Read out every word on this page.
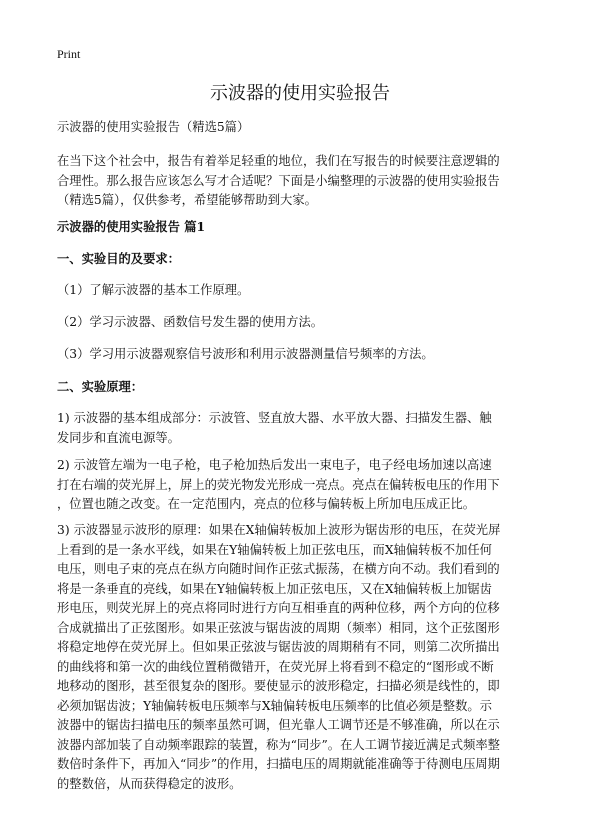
Print
示波器的使用实验报告
示波器的使用实验报告（精选5篇）
在当下这个社会中，报告有着举足轻重的地位，我们在写报告的时候要注意逻辑的
合理性。那么报告应该怎么写才合适呢？下面是小编整理的示波器的使用实验报告
（精选5篇），仅供参考，希望能够帮助到大家。
示波器的使用实验报告 篇1
一、实验目的及要求：
（1）了解示波器的基本工作原理。
（2）学习示波器、函数信号发生器的使用方法。
（3）学习用示波器观察信号波形和利用示波器测量信号频率的方法。
二、实验原理：
1) 示波器的基本组成部分：示波管、竖直放大器、水平放大器、扫描发生器、触
发同步和直流电源等。
2) 示波管左端为一电子枪，电子枪加热后发出一束电子，电子经电场加速以高速
打在右端的荧光屏上，屏上的荧光物发光形成一亮点。亮点在偏转板电压的作用下
，位置也随之改变。在一定范围内，亮点的位移与偏转板上所加电压成正比。
3) 示波器显示波形的原理：如果在X轴偏转板加上波形为锯齿形的电压，在荧光屏
上看到的是一条水平线，如果在Y轴偏转板上加正弦电压，而X轴偏转板不加任何
电压，则电子束的亮点在纵方向随时间作正弦式振荡，在横方向不动。我们看到的
将是一条垂直的亮线，如果在Y轴偏转板上加正弦电压，又在X轴偏转板上加锯齿
形电压，则荧光屏上的亮点将同时进行方向互相垂直的两种位移，两个方向的位移
合成就描出了正弦图形。如果正弦波与锯齿波的周期（频率）相同，这个正弦图形
将稳定地停在荧光屏上。但如果正弦波与锯齿波的周期稍有不同，则第二次所描出
的曲线将和第一次的曲线位置稍微错开，在荧光屏上将看到不稳定的“图形或不断
地移动的图形，甚至很复杂的图形。要使显示的波形稳定，扫描必须是线性的，即
必须加锯齿波；Y轴偏转板电压频率与X轴偏转板电压频率的比值必须是整数。示
波器中的锯齿扫描电压的频率虽然可调，但光靠人工调节还是不够准确，所以在示
波器内部加装了自动频率跟踪的装置，称为“同步”。在人工调节接近满足式频率整
数倍时条件下，再加入“同步”的作用，扫描电压的周期就能准确等于待测电压周期
的整数倍，从而获得稳定的波形。
